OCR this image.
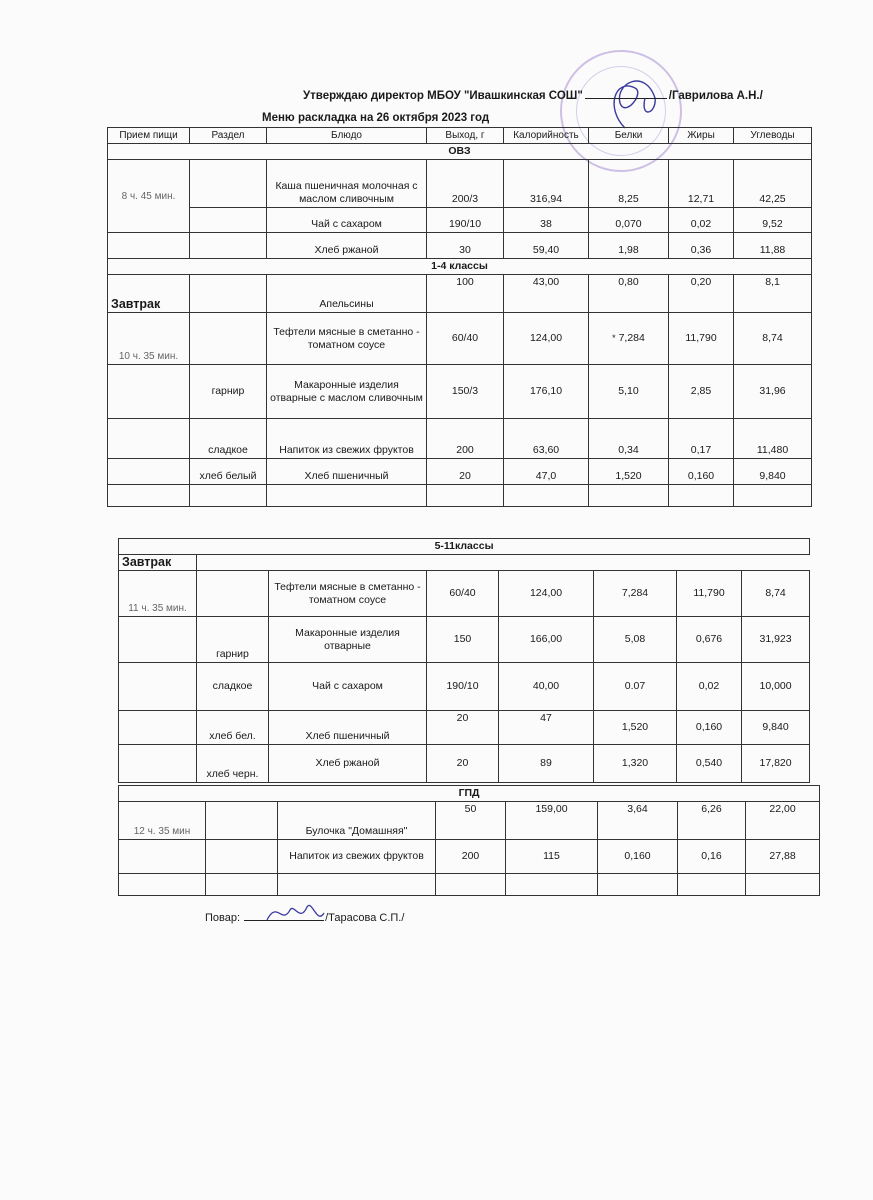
Утверждаю директор МБОУ "Ивашкинская СОШ"	/Гаврилова А.Н./
Меню раскладка на 26 октября 2023 год
Прием пищи	Раздел	Блюдо	Выход, г	Калорийность	Белки	Жиры	Углеводы
ОВЗ							
8 ч. 45 мин.		Каша пшеничная молочная с маслом сливочным	200/3	316,94	8,25	12,71	42,25
		Чай с сахаром	190/10	38	0,070	0,02	9,52
		Хлеб ржаной	30	59,40	1,98	0,36	11,88
1-4 классы							
Завтрак		Апельсины	100	43,00	0,80	0,20	8,1
10 ч. 35 мин.		Тефтели мясные в сметанно - томатном соусе	60/40	124,00	* 7,284	11,790	8,74
	гарнир	Макаронные изделия отварные с маслом сливочным	150/3	176,10	5,10	2,85	31,96
	сладкое	Напиток из свежих фруктов	200	63,60	0,34	0,17	11,480
	хлеб белый	Хлеб пшеничный	20	47,0	1,520	0,160	9,840

5-11классы							
Завтрак							
11 ч. 35 мин.		Тефтели мясные в сметанно - томатном соусе	60/40	124,00	7,284	11,790	8,74
	гарнир	Макаронные изделия отварные	150	166,00	5,08	0,676	31,923
	сладкое	Чай с сахаром	190/10	40,00	0.07	0,02	10,000
	хлеб бел.	Хлеб пшеничный	20	47	1,520	0,160	9,840
	хлеб черн.	Хлеб ржаной	20	89	1,320	0,540	17,820
ГПД							
12 ч. 35 мин		Булочка "Домашняя"	50	159,00	3,64	6,26	22,00
		Напиток из свежих фруктов	200	115	0,160	0,16	27,88

Повар:	/Тарасова С.П./
